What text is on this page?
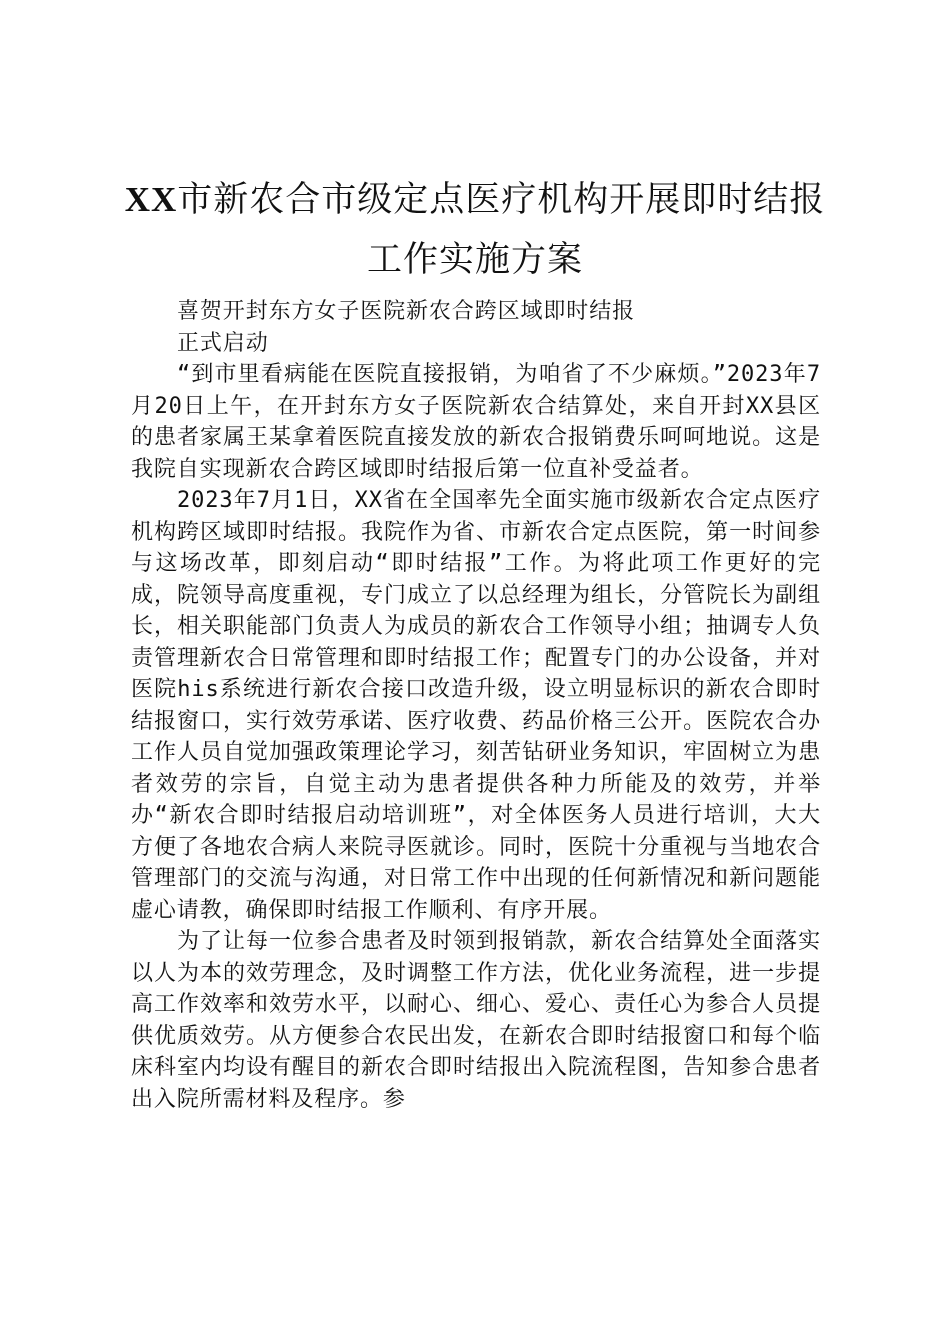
XX市新农合市级定点医疗机构开展即时结报
工作实施方案

喜贺开封东方女子医院新农合跨区域即时结报

正式启动

“到市里看病能在医院直接报销，为咱省了不少麻烦。”2023年7月20日上午，在开封东方女子医院新农合结算处，来自开封XX县区的患者家属王某拿着医院直接发放的新农合报销费乐呵呵地说。这是我院自实现新农合跨区域即时结报后第一位直补受益者。

2023年7月1日，XX省在全国率先全面实施市级新农合定点医疗机构跨区域即时结报。我院作为省、市新农合定点医院，第一时间参与这场改革，即刻启动“即时结报”工作。为将此项工作更好的完成，院领导高度重视，专门成立了以总经理为组长，分管院长为副组长，相关职能部门负责人为成员的新农合工作领导小组；抽调专人负责管理新农合日常管理和即时结报工作；配置专门的办公设备，并对医院his系统进行新农合接口改造升级，设立明显标识的新农合即时结报窗口，实行效劳承诺、医疗收费、药品价格三公开。医院农合办工作人员自觉加强政策理论学习，刻苦钻研业务知识，牢固树立为患者效劳的宗旨，自觉主动为患者提供各种力所能及的效劳，并举办“新农合即时结报启动培训班”，对全体医务人员进行培训，大大方便了各地农合病人来院寻医就诊。同时，医院十分重视与当地农合管理部门的交流与沟通，对日常工作中出现的任何新情况和新问题能虚心请教，确保即时结报工作顺利、有序开展。

为了让每一位参合患者及时领到报销款，新农合结算处全面落实以人为本的效劳理念，及时调整工作方法，优化业务流程，进一步提高工作效率和效劳水平，以耐心、细心、爱心、责任心为参合人员提供优质效劳。从方便参合农民出发，在新农合即时结报窗口和每个临床科室内均设有醒目的新农合即时结报出入院流程图，告知参合患者出入院所需材料及程序。参
